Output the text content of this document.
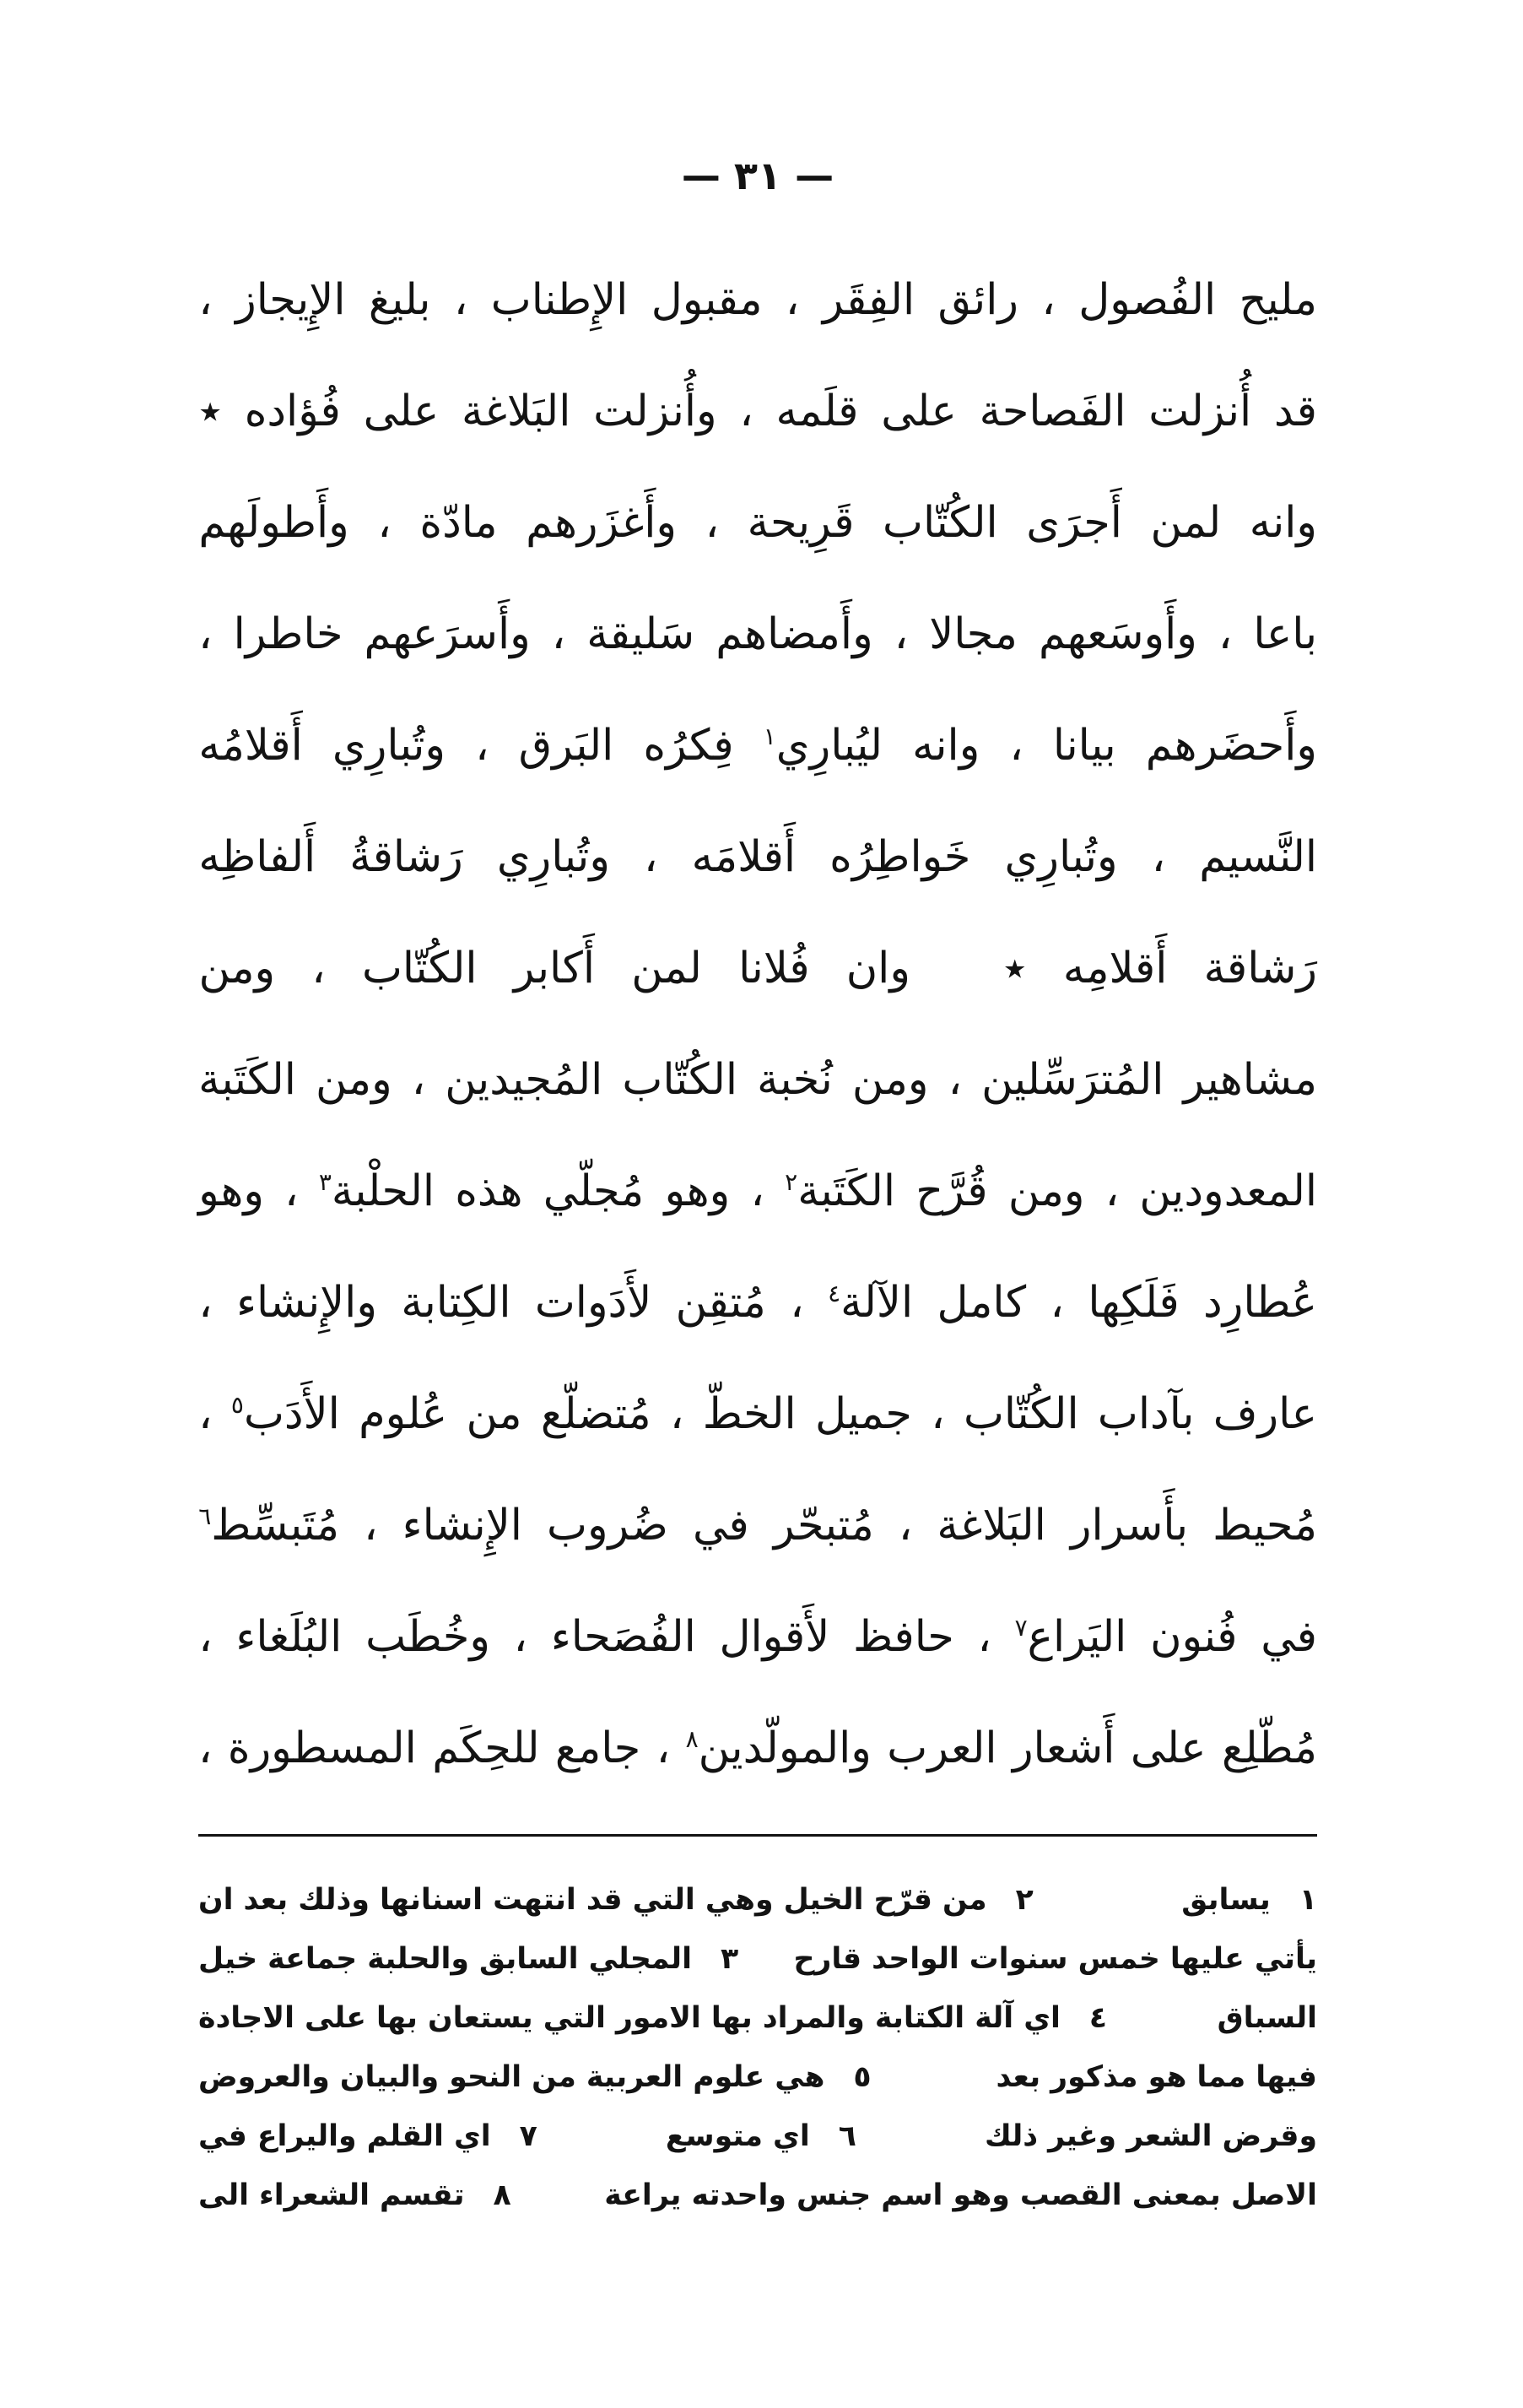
— ٣١ —
مليح الفُصول ، رائق الفِقَر ، مقبول الإِطناب ، بليغ الإِيجاز ،
قد أُنزلت الفَصاحة على قلَمه ، وأُنزلت البَلاغة على فُؤاده ٭
وانه لمن أَجرَى الكُتّاب قَرِيحة ، وأَغزَرهم مادّة ، وأَطولَهم
باعا ، وأَوسَعهم مجالا ، وأَمضاهم سَليقة ، وأَسرَعهم خاطرا ،
وأَحضَرهم بيانا ، وانه ليُبارِي$^١$ فِكرُه البَرق ، وتُبارِي أَقلامُه
النَّسيم ، وتُبارِي خَواطِرُه أَقلامَه ، وتُبارِي رَشاقةُ أَلفاظِه
رَشاقة أَقلامِه ٭وان فُلانا لمن أَكابر الكُتّاب ، ومن
مشاهير المُترَسِّلين ، ومن نُخبة الكُتّاب المُجيدين ، ومن الكَتَبة
المعدودين ، ومن قُرَّح الكَتَبة$^٢$ ، وهو مُجلّي هذه الحلْبة$^٣$ ، وهو
عُطارِد فَلَكِها ، كامل الآلة$^٤$ ، مُتقِن لأَدَوات الكِتابة والإِنشاء ،
عارف بآداب الكُتّاب ، جميل الخطّ ، مُتضلّع من عُلوم الأَدَب$^٥$ ،
مُحيط بأَسرار البَلاغة ، مُتبحّر في ضُروب الإِنشاء ، مُتَبسِّط$^٦$
في فُنون اليَراع$^٧$ ، حافظ لأَقوال الفُصَحاء ، وخُطَب البُلَغاء ،
مُطّلِع على أَشعار العرب والمولّدين$^٨$ ، جامع للحِكَم المسطورة ،
١يسابق
٢من قرّح الخيل وهي التي قد انتهت اسنانها وذلك بعد ان
يأتي عليها خمس سنوات الواحد قارح
٣المجلي السابق والحلبة جماعة خيل
السباق
٤اي آلة الكتابة والمراد بها الامور التي يستعان بها على الاجادة
فيها مما هو مذكور بعد
٥هي علوم العربية من النحو والبيان والعروض
وقرض الشعر وغير ذلك
٦اي متوسع
٧اي القلم واليراع في
الاصل بمعنى القصب وهو اسم جنس واحدته يراعة
٨تقسم الشعراء الى
